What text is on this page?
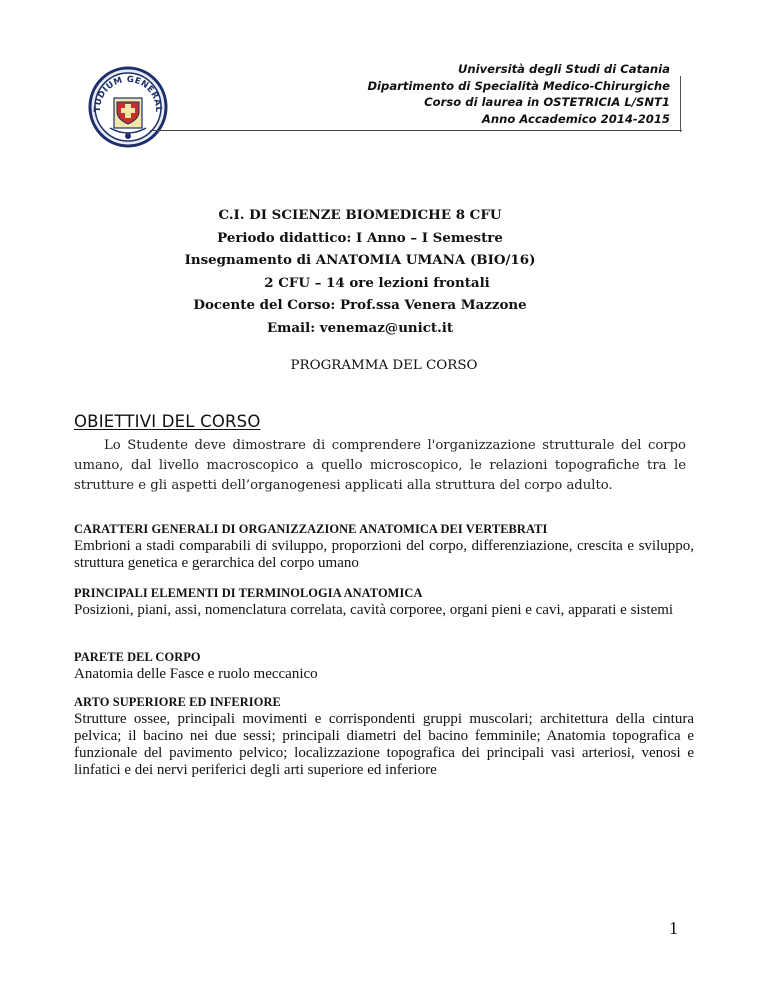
TUDIUM GENERAL
Università degli Studi di Catania
Dipartimento di Specialità Medico-Chirurgiche
Corso di laurea in OSTETRICIA L/SNT1
Anno Accademico 2014-2015
C.I. DI SCIENZE BIOMEDICHE 8 CFU
Periodo didattico: I Anno – I Semestre
Insegnamento di ANATOMIA UMANA (BIO/16)
2 CFU – 14 ore lezioni frontali
Docente del Corso: Prof.ssa Venera Mazzone
Email: venemaz@unict.it
PROGRAMMA DEL CORSO
OBIETTIVI DEL CORSO
Lo Studente deve dimostrare di comprendere l'organizzazione strutturale del corpo umano, dal livello macroscopico a quello microscopico, le relazioni topografiche tra le strutture e gli aspetti dell’organogenesi applicati alla struttura del corpo adulto.
CARATTERI GENERALI DI ORGANIZZAZIONE ANATOMICA DEI VERTEBRATI
Embrioni a stadi comparabili di sviluppo, proporzioni del corpo, differenziazione, crescita e sviluppo, struttura genetica e gerarchica del corpo umano
PRINCIPALI ELEMENTI DI TERMINOLOGIA ANATOMICA
Posizioni, piani, assi, nomenclatura correlata, cavità corporee, organi pieni e cavi, apparati e sistemi
PARETE DEL CORPO
Anatomia delle Fasce e ruolo meccanico
ARTO SUPERIORE ED INFERIORE
Strutture ossee, principali movimenti e corrispondenti gruppi muscolari; architettura della cintura pelvica; il bacino nei due sessi; principali diametri del bacino femminile; Anatomia topografica e funzionale del pavimento pelvico; localizzazione topografica dei principali vasi arteriosi, venosi e linfatici e dei nervi periferici degli arti superiore ed inferiore
1
